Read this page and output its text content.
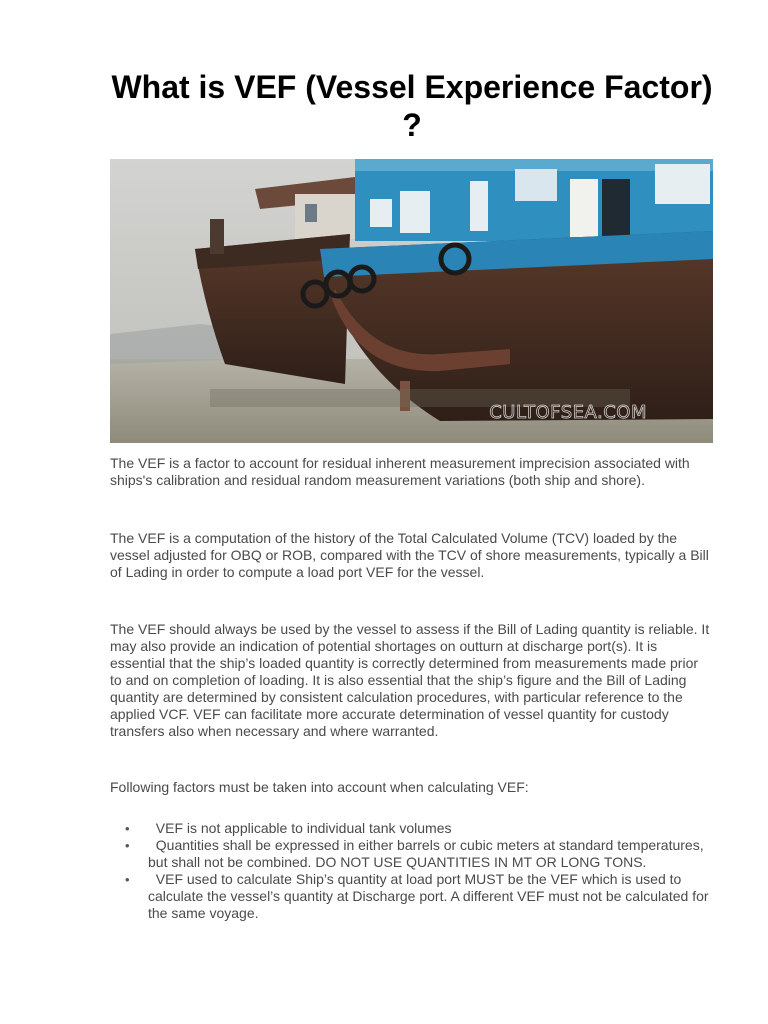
What is VEF (Vessel Experience Factor) ?
CULTOFSEA.COM

The VEF is a factor to account for residual inherent measurement imprecision associated with ships's calibration and residual random measurement variations (both ship and shore).

The VEF is a computation of the history of the Total Calculated Volume (TCV) loaded by the vessel adjusted for OBQ or ROB, compared with the TCV of shore measurements, typically a Bill of Lading in order to compute a load port VEF for the vessel.

The VEF should always be used by the vessel to assess if the Bill of Lading quantity is reliable. It may also provide an indication of potential shortages on outturn at discharge port(s). It is essential that the ship’s loaded quantity is correctly determined from measurements made prior to and on completion of loading. It is also essential that the ship’s figure and the Bill of Lading quantity are determined by consistent calculation procedures, with particular reference to the applied VCF. VEF can facilitate more accurate determination of vessel quantity for custody transfers also when necessary and where warranted.

Following factors must be taken into account when calculating VEF:

• VEF is not applicable to individual tank volumes
• Quantities shall be expressed in either barrels or cubic meters at standard temperatures, but shall not be combined. DO NOT USE QUANTITIES IN MT OR LONG TONS.
• VEF used to calculate Ship’s quantity at load port MUST be the VEF which is used to calculate the vessel’s quantity at Discharge port. A different VEF must not be calculated for the same voyage.
